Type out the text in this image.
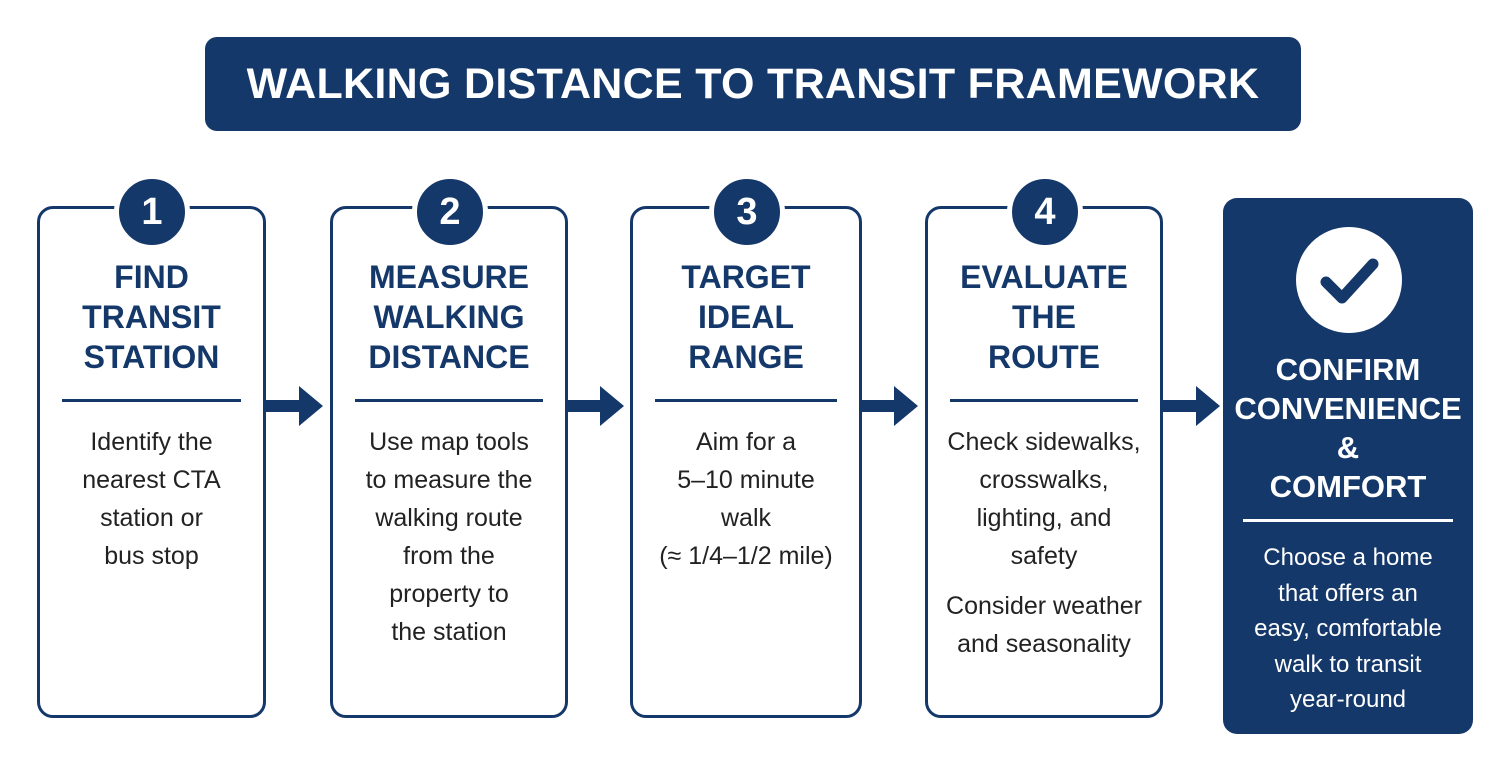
WALKING DISTANCE TO TRANSIT FRAMEWORK
FIND
TRANSIT
STATION
Identify the
nearest CTA
station or
bus stop
1
MEASURE
WALKING
DISTANCE
Use map tools
to measure the
walking route
from the
property to
the station
2
TARGET
IDEAL
RANGE
Aim for a
5–10 minute
walk
(≈ 1/4–1/2 mile)
3
EVALUATE
THE
ROUTE
Check sidewalks,
crosswalks,
lighting, and
safety
Consider weather
and seasonality
4
CONFIRM
CONVENIENCE
&
COMFORT
Choose a home
that offers an
easy, comfortable
walk to transit
year-round
